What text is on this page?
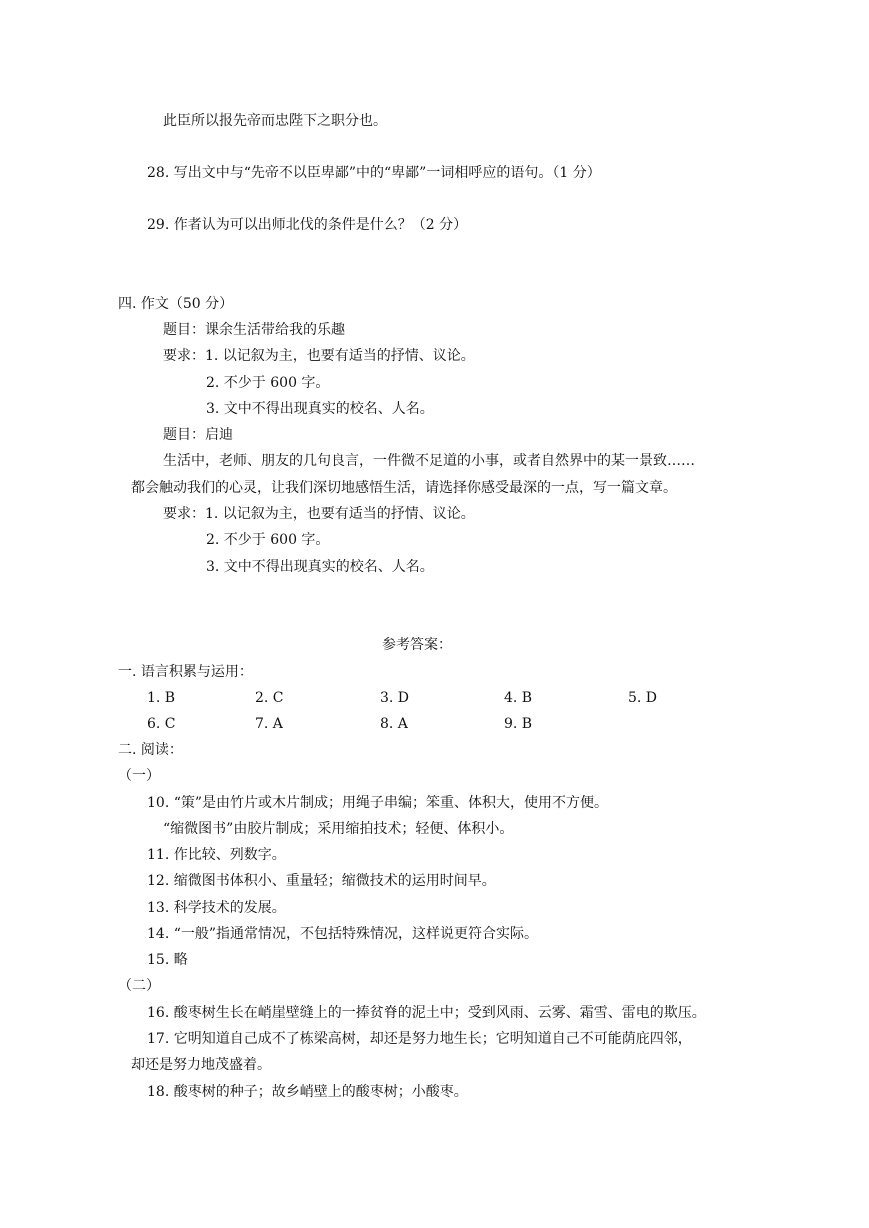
此臣所以报先帝而忠陛下之职分也。
28. 写出文中与“先帝不以臣卑鄙”中的“卑鄙”一词相呼应的语句。（1 分）
29. 作者认为可以出师北伐的条件是什么？（2 分）
四. 作文（50 分）
题目：课余生活带给我的乐趣
要求：1. 以记叙为主，也要有适当的抒情、议论。
2. 不少于 600 字。
3. 文中不得出现真实的校名、人名。
题目：启迪
生活中，老师、朋友的几句良言，一件微不足道的小事，或者自然界中的某一景致……
都会触动我们的心灵，让我们深切地感悟生活，请选择你感受最深的一点，写一篇文章。
要求：1. 以记叙为主，也要有适当的抒情、议论。
2. 不少于 600 字。
3. 文中不得出现真实的校名、人名。
参考答案：
一. 语言积累与运用：
1. B	2. C	3. D	4. B	5. D
6. C	7. A	8. A	9. B
二. 阅读：
（一）
10. “策”是由竹片或木片制成；用绳子串编；笨重、体积大，使用不方便。
“缩微图书”由胶片制成；采用缩拍技术；轻便、体积小。
11. 作比较、列数字。
12. 缩微图书体积小、重量轻；缩微技术的运用时间早。
13. 科学技术的发展。
14. “一般”指通常情况，不包括特殊情况，这样说更符合实际。
15. 略
（二）
16. 酸枣树生长在峭崖壁缝上的一捧贫脊的泥土中；受到风雨、云雾、霜雪、雷电的欺压。
17. 它明知道自己成不了栋梁高树，却还是努力地生长；它明知道自己不可能荫庇四邻，
却还是努力地茂盛着。
18. 酸枣树的种子；故乡峭壁上的酸枣树；小酸枣。
